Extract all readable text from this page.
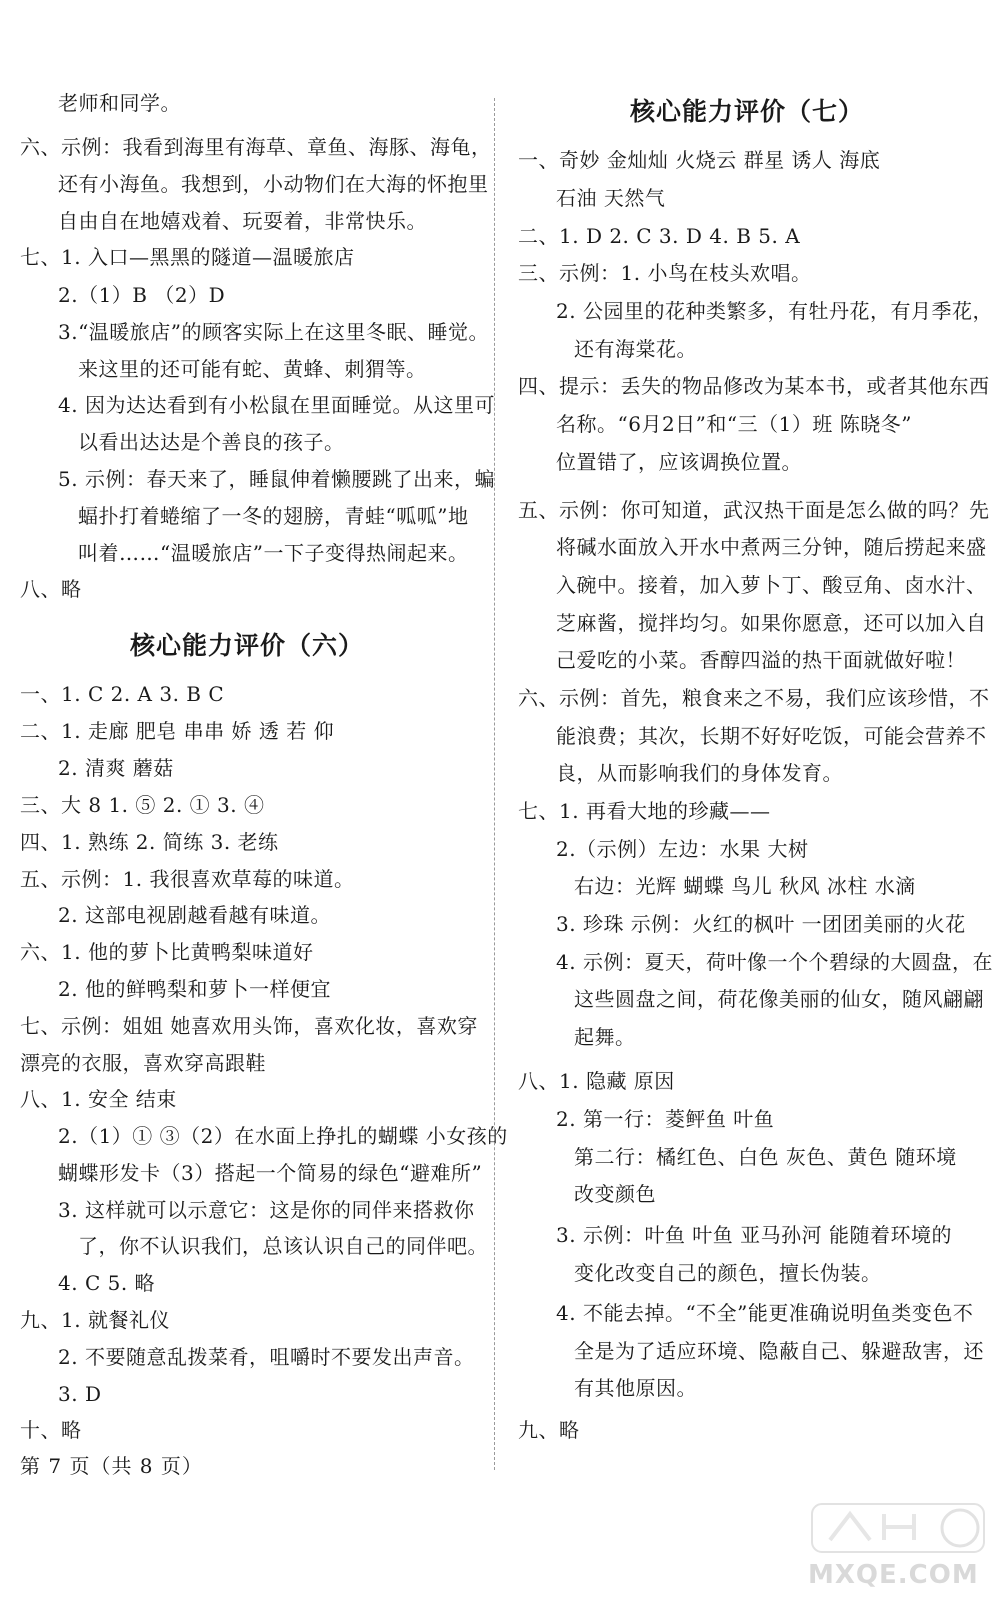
老师和同学。
六、示例：我看到海里有海草、章鱼、海豚、海龟，
还有小海鱼。我想到，小动物们在大海的怀抱里
自由自在地嬉戏着、玩耍着，非常快乐。
七、1. 入口—黑黑的隧道—温暖旅店
2.（1）B （2）D
3.“温暖旅店”的顾客实际上在这里冬眠、睡觉。
来这里的还可能有蛇、黄蜂、刺猬等。
4. 因为达达看到有小松鼠在里面睡觉。从这里可
以看出达达是个善良的孩子。
5. 示例：春天来了，睡鼠伸着懒腰跳了出来，蝙
蝠扑打着蜷缩了一冬的翅膀，青蛙“呱呱”地
叫着……“温暖旅店”一下子变得热闹起来。
八、略
核心能力评价（六）
一、1. C 2. A 3. B C
二、1. 走廊 肥皂 串串 娇 透 若 仰
2. 清爽 蘑菇
三、大 8 1. ⑤ 2. ① 3. ④
四、1. 熟练 2. 简练 3. 老练
五、示例：1. 我很喜欢草莓的味道。
2. 这部电视剧越看越有味道。
六、1. 他的萝卜比黄鸭梨味道好
2. 他的鲜鸭梨和萝卜一样便宜
七、示例：姐姐 她喜欢用头饰，喜欢化妆，喜欢穿
漂亮的衣服，喜欢穿高跟鞋
八、1. 安全 结束
2.（1）① ③（2）在水面上挣扎的蝴蝶 小女孩的
蝴蝶形发卡（3）搭起一个简易的绿色“避难所”
3. 这样就可以示意它：这是你的同伴来搭救你
了，你不认识我们，总该认识自己的同伴吧。
4. C 5. 略
九、1. 就餐礼仪
2. 不要随意乱拨菜肴，咀嚼时不要发出声音。
3. D
十、略
核心能力评价（七）
一、奇妙 金灿灿 火烧云 群星 诱人 海底
石油 天然气
二、1. D 2. C 3. D 4. B 5. A
三、示例：1. 小鸟在枝头欢唱。
2. 公园里的花种类繁多，有牡丹花，有月季花，
还有海棠花。
四、提示：丢失的物品修改为某本书，或者其他东西
名称。“6月2日”和“三（1）班 陈晓冬”
位置错了，应该调换位置。
五、示例：你可知道，武汉热干面是怎么做的吗？先
将碱水面放入开水中煮两三分钟，随后捞起来盛
入碗中。接着，加入萝卜丁、酸豆角、卤水汁、
芝麻酱，搅拌均匀。如果你愿意，还可以加入自
己爱吃的小菜。香醇四溢的热干面就做好啦！
六、示例：首先，粮食来之不易，我们应该珍惜，不
能浪费；其次，长期不好好吃饭，可能会营养不
良，从而影响我们的身体发育。
七、1. 再看大地的珍藏——
2.（示例）左边：水果 大树
右边：光辉 蝴蝶 鸟儿 秋风 冰柱 水滴
3. 珍珠 示例：火红的枫叶 一团团美丽的火花
4. 示例：夏天，荷叶像一个个碧绿的大圆盘，在
这些圆盘之间，荷花像美丽的仙女，随风翩翩
起舞。
八、1. 隐藏 原因
2. 第一行：菱鲆鱼 叶鱼
第二行：橘红色、白色 灰色、黄色 随环境
改变颜色
3. 示例：叶鱼 叶鱼 亚马孙河 能随着环境的
变化改变自己的颜色，擅长伪装。
4. 不能去掉。“不全”能更准确说明鱼类变色不
全是为了适应环境、隐蔽自己、躲避敌害，还
有其他原因。
九、略
第 7 页（共 8 页）
MXQE.COM
